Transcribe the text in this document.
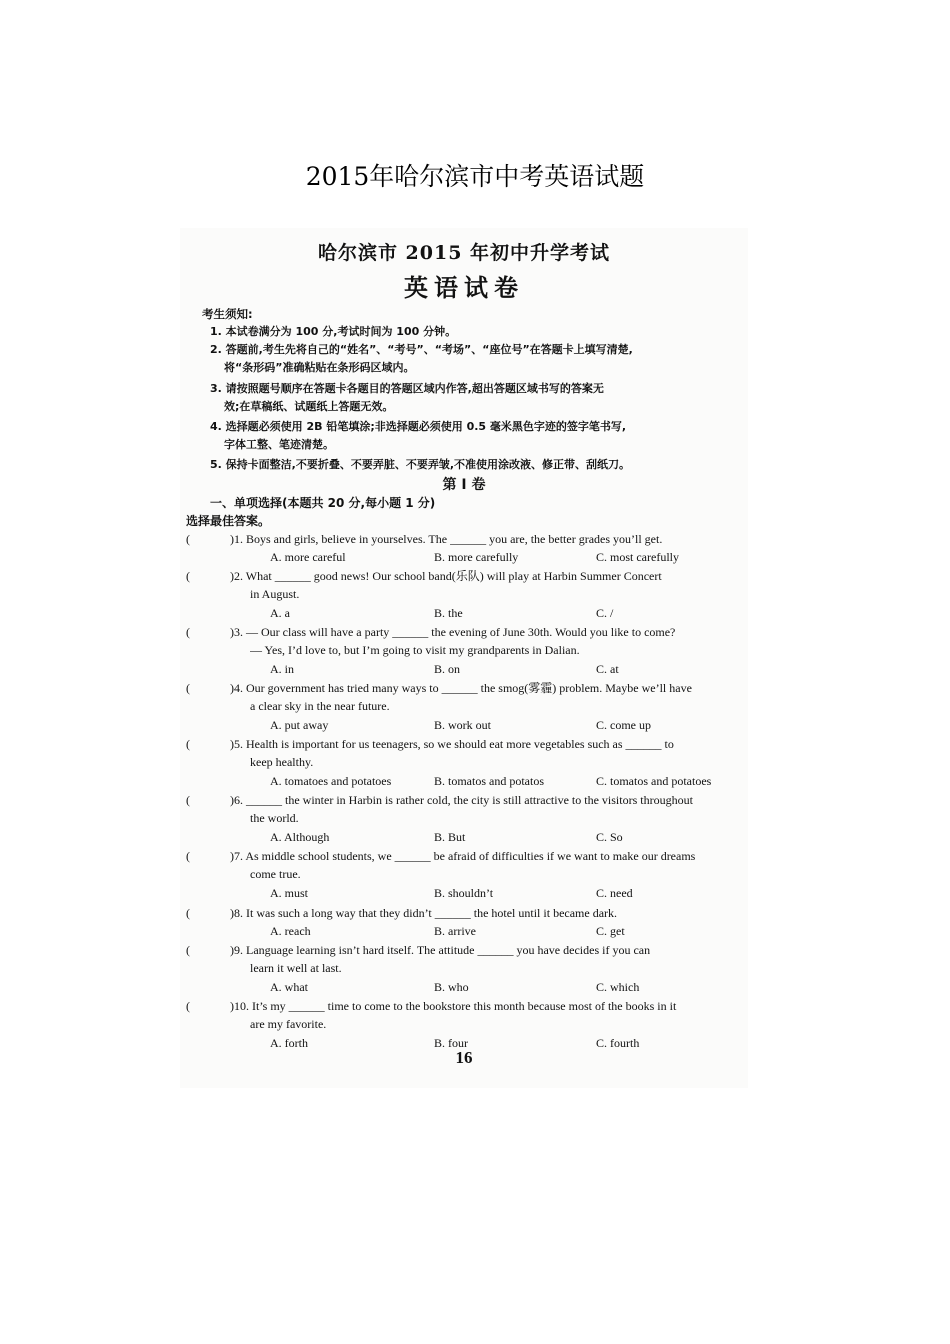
2015年哈尔滨市中考英语试题
哈尔滨市 2015 年初中升学考试
英语试卷
考生须知:
1. 本试卷满分为 100 分,考试时间为 100 分钟。
2. 答题前,考生先将自己的“姓名”、“考号”、“考场”、“座位号”在答题卡上填写清楚,
将“条形码”准确粘贴在条形码区域内。
3. 请按照题号顺序在答题卡各题目的答题区域内作答,超出答题区域书写的答案无
效;在草稿纸、试题纸上答题无效。
4. 选择题必须使用 2B 铅笔填涂;非选择题必须使用 0.5 毫米黑色字迹的签字笔书写,
字体工整、笔迹清楚。
5. 保持卡面整洁,不要折叠、不要弄脏、不要弄皱,不准使用涂改液、修正带、刮纸刀。
第 I 卷
一、单项选择(本题共 20 分,每小题 1 分)
选择最佳答案。
(	)1. Boys and girls, believe in yourselves. The ______ you are, the better grades you’ll get.
A. more careful	B. more carefully	C. most carefully
(	)2. What ______ good news! Our school band(乐队) will play at Harbin Summer Concert
in August.
A. a	B. the	C. /
(	)3. — Our class will have a party ______ the evening of June 30th. Would you like to come?
— Yes, I’d love to, but I’m going to visit my grandparents in Dalian.
A. in	B. on	C. at
(	)4. Our government has tried many ways to ______ the smog(雾霾) problem. Maybe we’ll have
a clear sky in the near future.
A. put away	B. work out	C. come up
(	)5. Health is important for us teenagers, so we should eat more vegetables such as ______ to
keep healthy.
A. tomatoes and potatoes	B. tomatos and potatos	C. tomatos and potatoes
(	)6. ______ the winter in Harbin is rather cold, the city is still attractive to the visitors throughout
the world.
A. Although	B. But	C. So
(	)7. As middle school students, we ______ be afraid of difficulties if we want to make our dreams
come true.
A. must	B. shouldn’t	C. need
(	)8. It was such a long way that they didn’t ______ the hotel until it became dark.
A. reach	B. arrive	C. get
(	)9. Language learning isn’t hard itself. The attitude ______ you have decides if you can
learn it well at last.
A. what	B. who	C. which
(	)10. It’s my ______ time to come to the bookstore this month because most of the books in it
are my favorite.
A. forth	B. four	C. fourth
16
